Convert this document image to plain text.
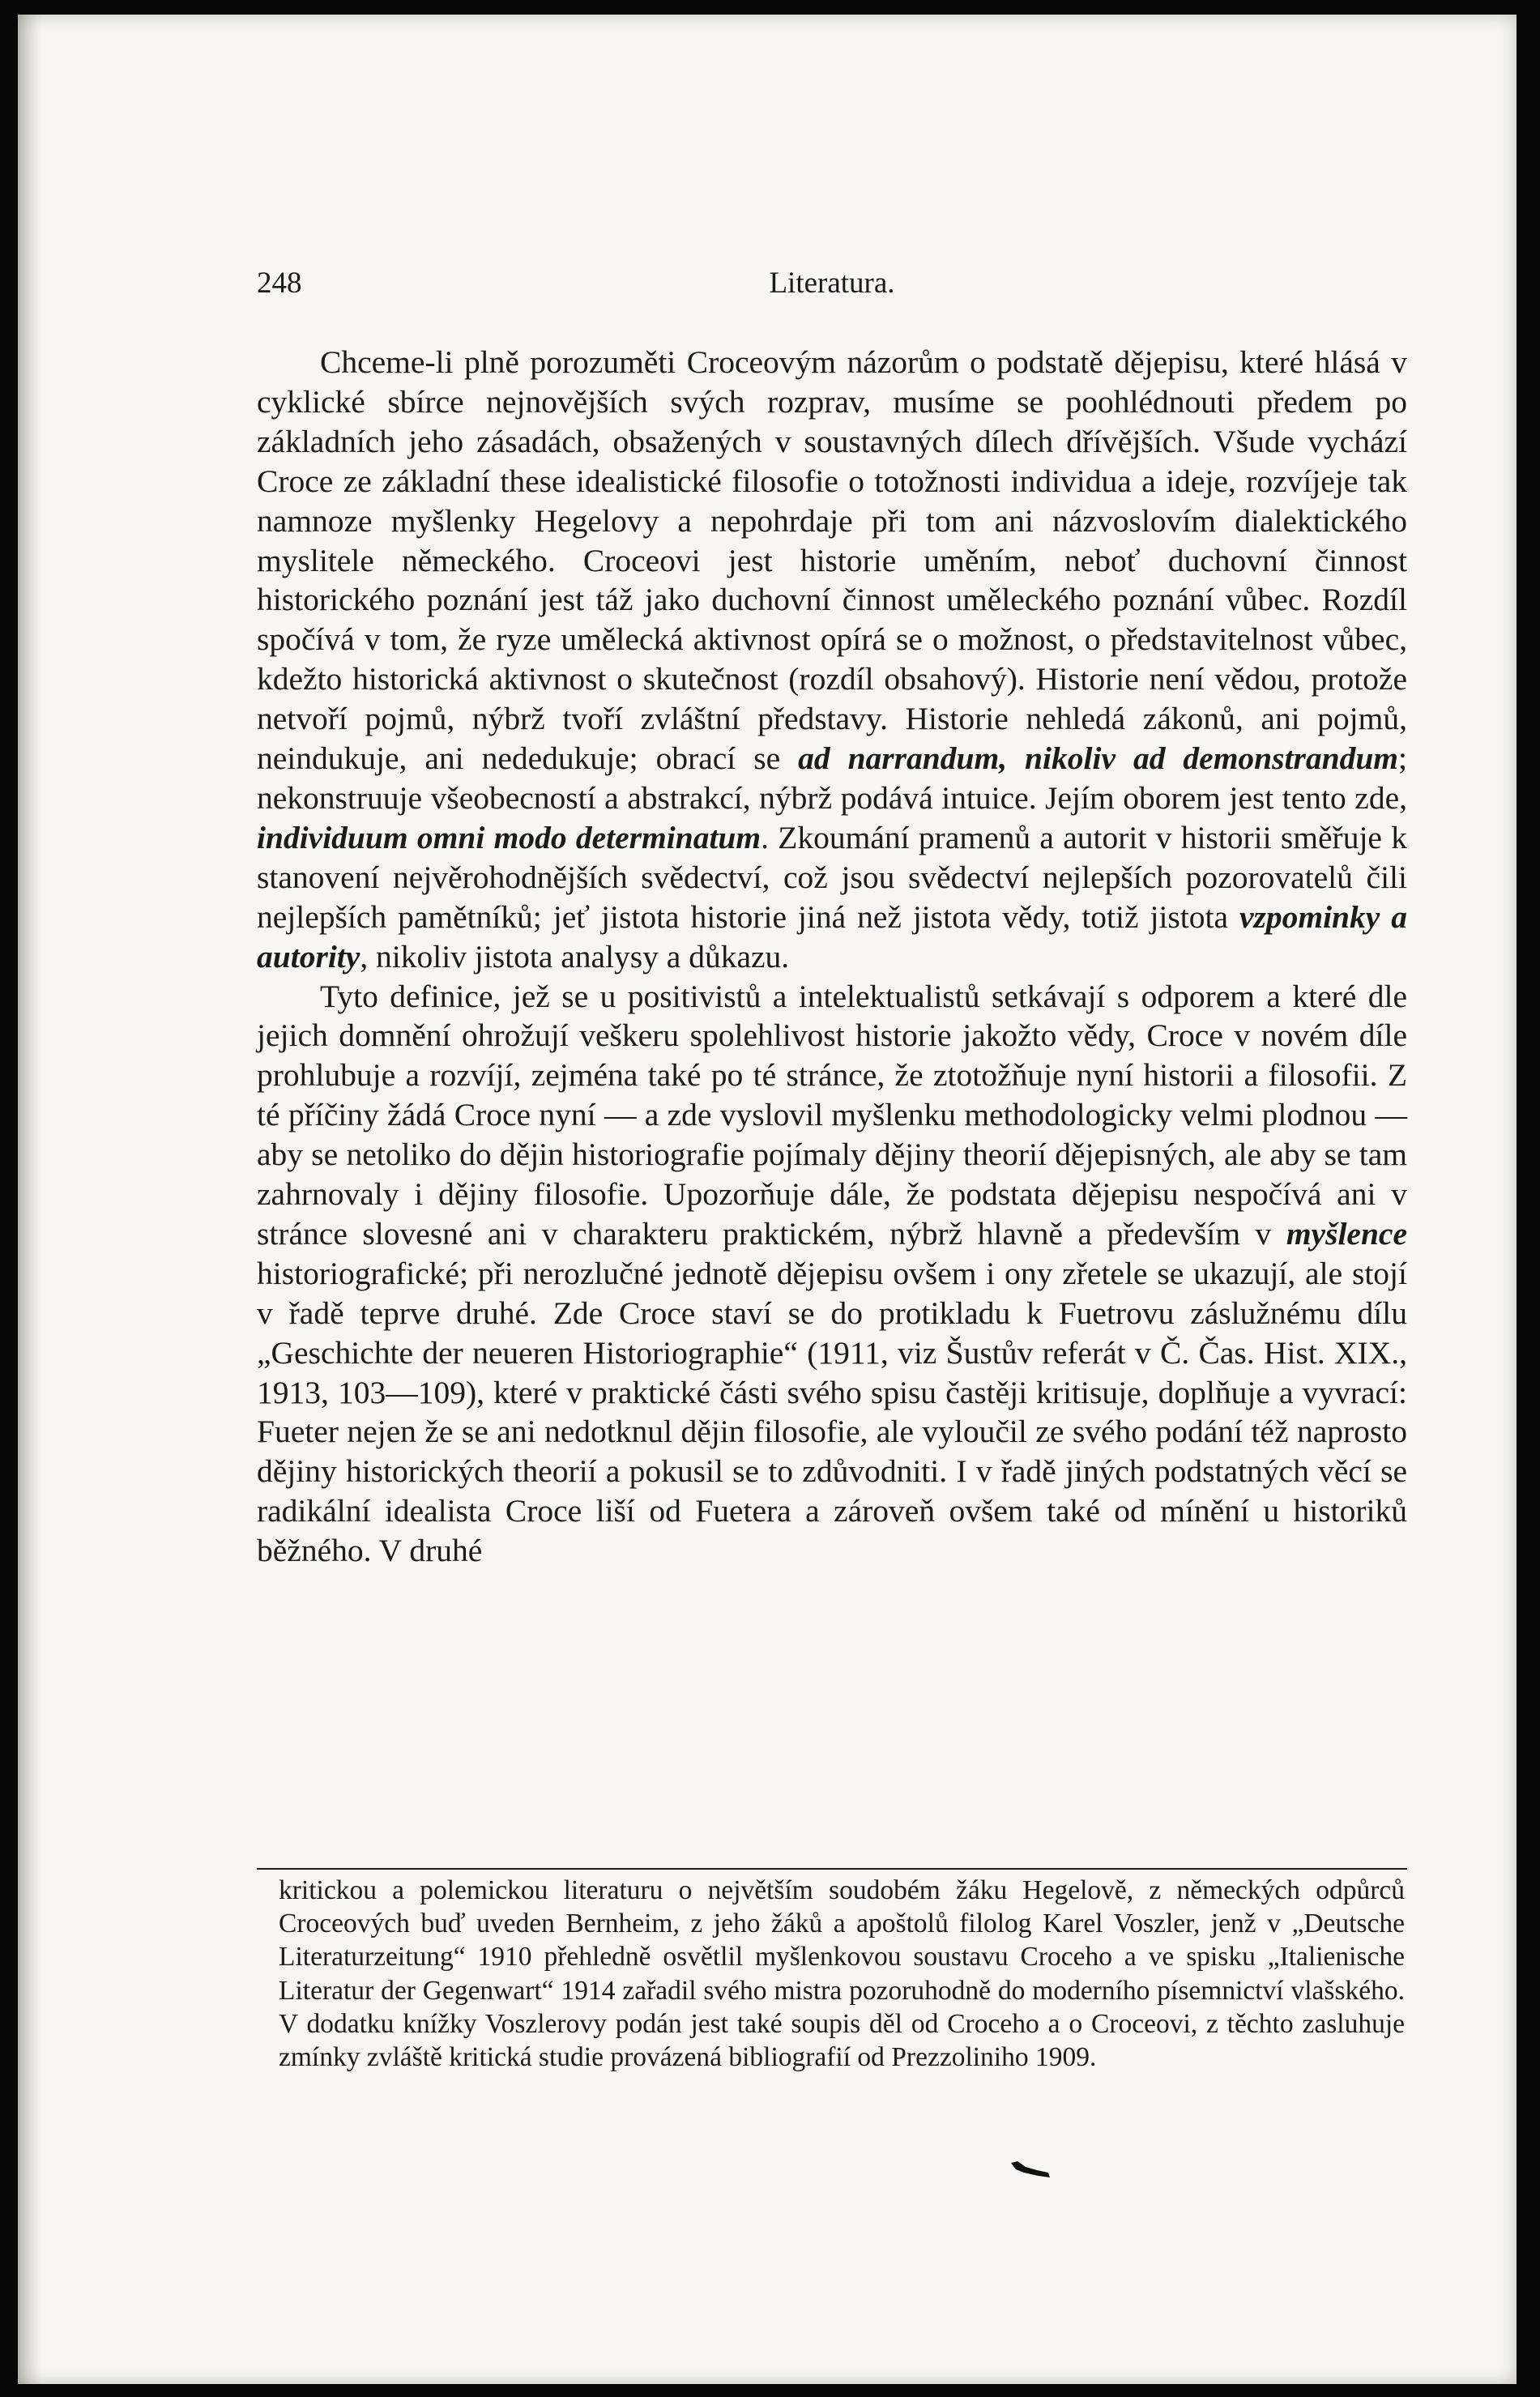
248	Literatura.

Chceme-li plně porozuměti Croceovým názorům o podstatě dějepisu, které hlásá v cyklické sbírce nejnovějších svých rozprav, musíme se poohlédnouti předem po základních jeho zásadách, obsažených v soustavných dílech dřívějších. Všude vychází Croce ze základní these idealistické filosofie o totožnosti individua a ideje, rozvíjeje tak namnoze myšlenky Hegelovy a nepohrdaje při tom ani názvoslovím dialektického myslitele německého. Croceovi jest historie uměním, neboť duchovní činnost historického poznání jest táž jako duchovní činnost uměleckého poznání vůbec. Rozdíl spočívá v tom, že ryze umělecká aktivnost opírá se o možnost, o představitelnost vůbec, kdežto historická aktivnost o skutečnost (rozdíl obsahový). Historie není vědou, protože netvoří pojmů, nýbrž tvoří zvláštní představy. Historie nehledá zákonů, ani pojmů, neindukuje, ani nededukuje; obrací se ad narrandum, nikoliv ad demonstrandum; nekonstruuje všeobecností a abstrakcí, nýbrž podává intuice. Jejím oborem jest tento zde, individuum omni modo determinatum. Zkoumání pramenů a autorit v historii směřuje k stanovení nejvěrohodnějších svědectví, což jsou svědectví nejlepších pozorovatelů čili nejlepších pamětníků; jeť jistota historie jiná než jistota vědy, totiž jistota vzpominky a autority, nikoliv jistota analysy a důkazu.

Tyto definice, jež se u positivistů a intelektualistů setkávají s odporem a které dle jejich domnění ohrožují veškeru spolehlivost historie jakožto vědy, Croce v novém díle prohlubuje a rozvíjí, zejména také po té stránce, že ztotožňuje nyní historii a filosofii. Z té příčiny žádá Croce nyní — a zde vyslovil myšlenku methodologicky velmi plodnou — aby se netoliko do dějin historiografie pojímaly dějiny theorií dějepisných, ale aby se tam zahrnovaly i dějiny filosofie. Upozorňuje dále, že podstata dějepisu nespočívá ani v stránce slovesné ani v charakteru praktickém, nýbrž hlavně a především v myšlence historiografické; při nerozlučné jednotě dějepisu ovšem i ony zřetele se ukazují, ale stojí v řadě teprve druhé. Zde Croce staví se do protikladu k Fuetrovu záslužnému dílu „Geschichte der neueren Historiographie“ (1911, viz Šustův referát v Č. Čas. Hist. XIX., 1913, 103—109), které v praktické části svého spisu častěji kritisuje, doplňuje a vyvrací: Fueter nejen že se ani nedotknul dějin filosofie, ale vyloučil ze svého podání též naprosto dějiny historických theorií a pokusil se to zdůvodniti. I v řadě jiných podstatných věcí se radikální idealista Croce liší od Fuetera a zároveň ovšem také od mínění u historiků běžného. V druhé

kritickou a polemickou literaturu o největším soudobém žáku Hegelově, z německých odpůrců Croceových buď uveden Bernheim, z jeho žáků a apoštolů filolog Karel Voszler, jenž v „Deutsche Literaturzeitung“ 1910 přehledně osvětlil myšlenkovou soustavu Croceho a ve spisku „Italienische Literatur der Gegenwart“ 1914 zařadil svého mistra pozoruhodně do moderního písemnictví vlašského. V dodatku knížky Voszlerovy podán jest také soupis děl od Croceho a o Croceovi, z těchto zasluhuje zmínky zvláště kritická studie provázená bibliografií od Prezzoliniho 1909.
